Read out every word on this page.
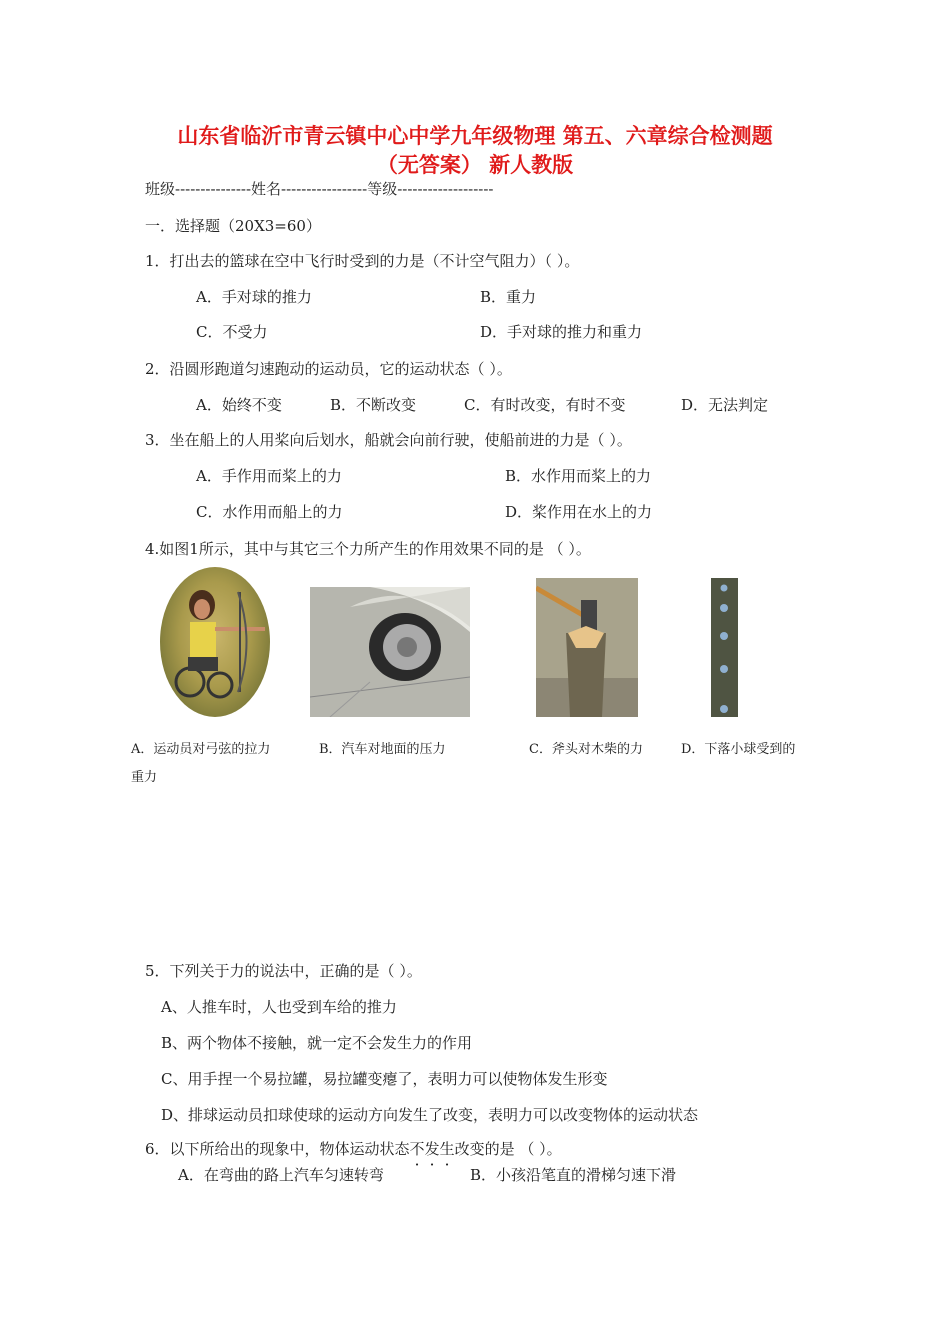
山东省临沂市青云镇中心中学九年级物理 第五、六章综合检测题
（无答案） 新人教版
班级---------------姓名-----------------等级-------------------
一．选择题（20X3=60）
1．打出去的篮球在空中飞行时受到的力是（不计空气阻力）（ ）。
A．手对球的推力	B．重力
C．不受力	D．手对球的推力和重力
2．沿圆形跑道匀速跑动的运动员，它的运动状态（ ）。
A．始终不变	B．不断改变	C．有时改变，有时不变	D．无法判定
3．坐在船上的人用桨向后划水，船就会向前行驶，使船前进的力是（ ）。
A．手作用而桨上的力	B．水作用而桨上的力
C．水作用而船上的力	D．桨作用在水上的力
4.如图1所示，其中与其它三个力所产生的作用效果不同的是 （ ）。
A．运动员对弓弦的拉力	B．汽车对地面的压力	C．斧头对木柴的力	D．下落小球受到的
重力
5．下列关于力的说法中，正确的是（ ）。
A、人推车时，人也受到车给的推力
B、两个物体不接触，就一定不会发生力的作用
C、用手捏一个易拉罐，易拉罐变瘪了，表明力可以使物体发生形变
D、排球运动员扣球使球的运动方向发生了改变，表明力可以改变物体的运动状态
6．以下所给出的现象中，物体运动状态不发生改变的是 （ ）。
A．在弯曲的路上汽车匀速转弯	B．小孩沿笔直的滑梯匀速下滑
